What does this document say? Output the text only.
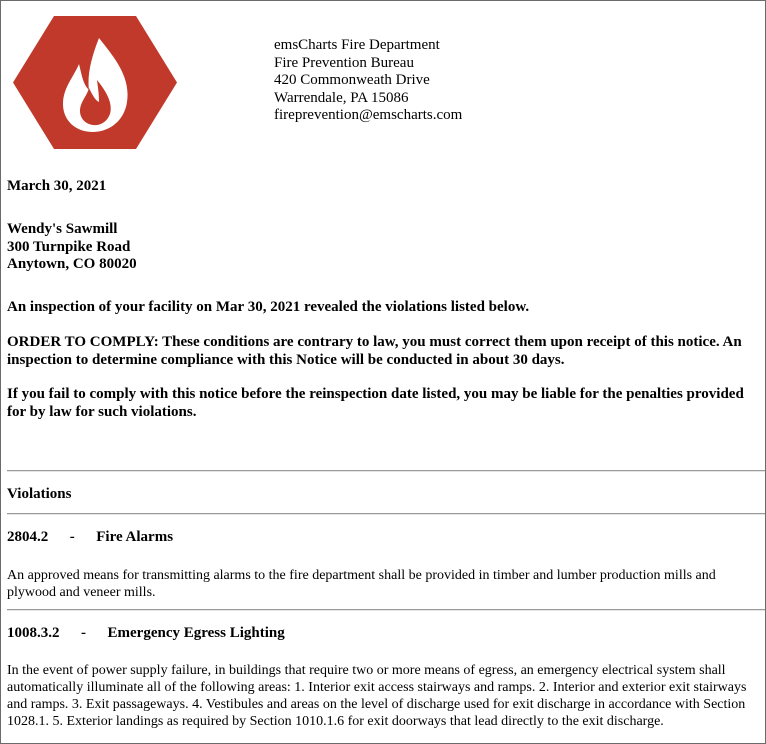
emsCharts Fire Department
Fire Prevention Bureau
420 Commonweath Drive
Warrendale, PA 15086
fireprevention@emscharts.com
March 30, 2021
Wendy's Sawmill
300 Turnpike Road
Anytown, CO 80020
An inspection of your facility on Mar 30, 2021 revealed the violations listed below.
ORDER TO COMPLY: These conditions are contrary to law, you must correct them upon receipt of this notice. An inspection to determine compliance with this Notice will be conducted in about 30 days.
If you fail to comply with this notice before the reinspection date listed, you may be liable for the penalties provided for by law for such violations.
Violations
2804.2 - Fire Alarms
An approved means for transmitting alarms to the fire department shall be provided in timber and lumber production mills and plywood and veneer mills.
1008.3.2 - Emergency Egress Lighting
In the event of power supply failure, in buildings that require two or more means of egress, an emergency electrical system shall automatically illuminate all of the following areas: 1. Interior exit access stairways and ramps. 2. Interior and exterior exit stairways and ramps. 3. Exit passageways. 4. Vestibules and areas on the level of discharge used for exit discharge in accordance with Section 1028.1. 5. Exterior landings as required by Section 1010.1.6 for exit doorways that lead directly to the exit discharge.
